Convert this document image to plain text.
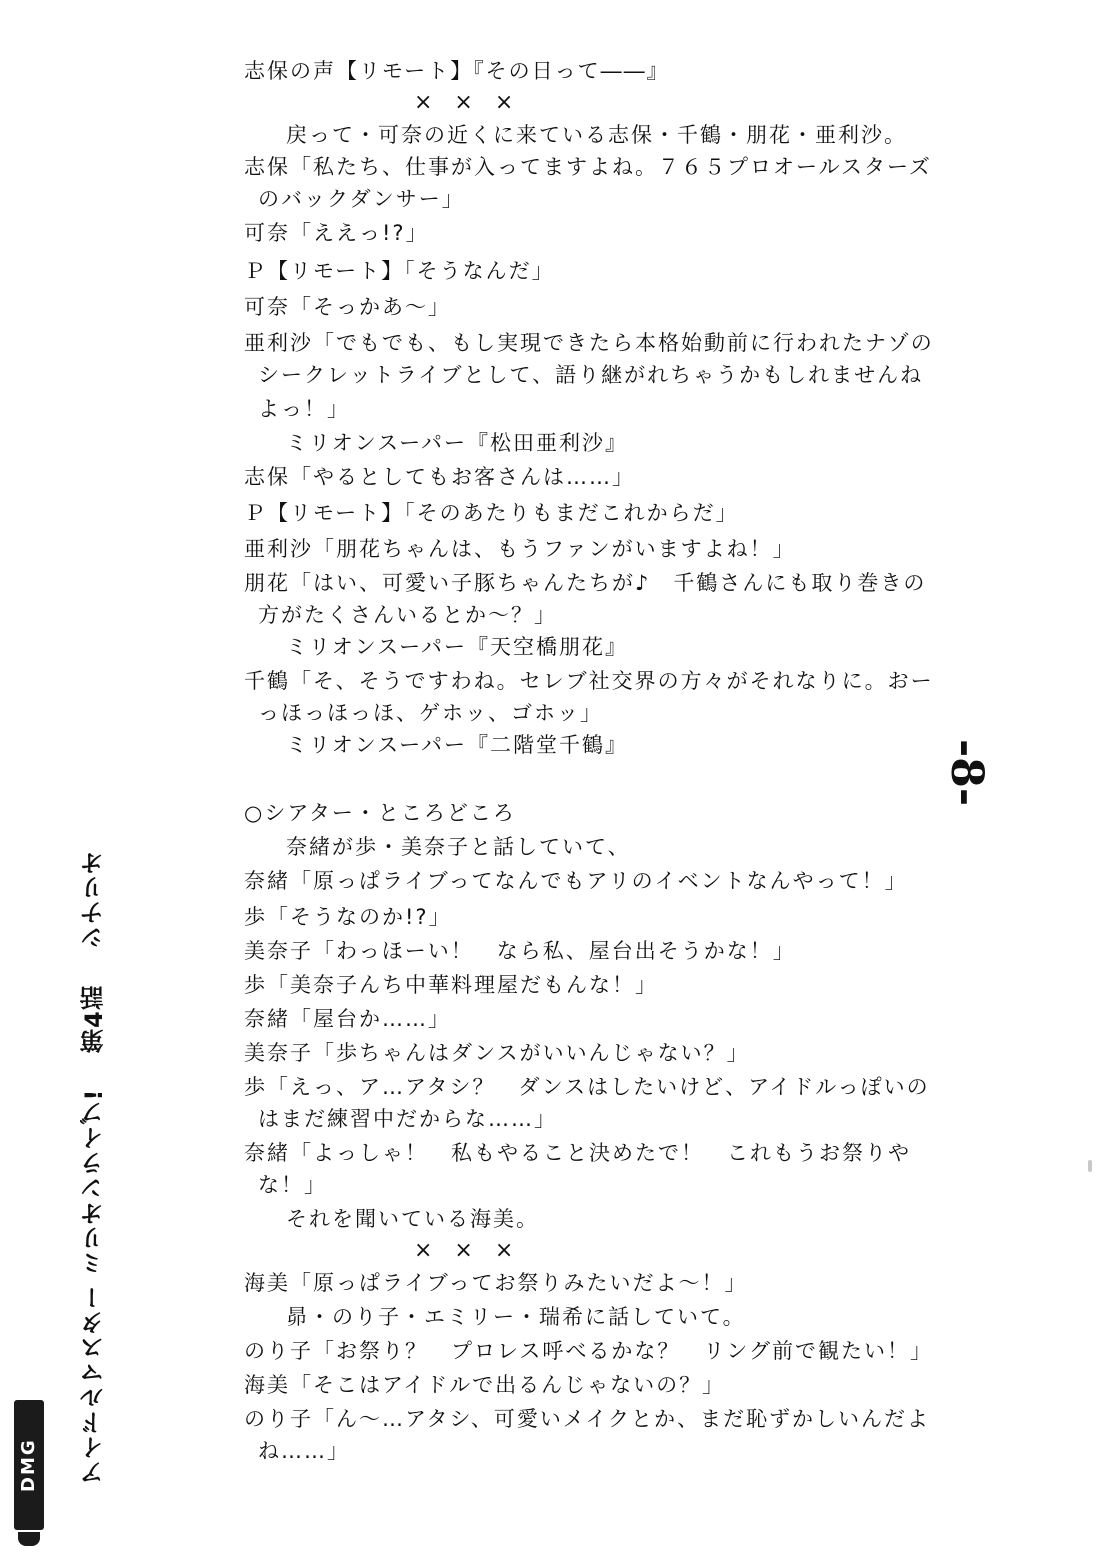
志保の声【リモート】『その日って――』
×　×　×
戻って・可奈の近くに来ている志保・千鶴・朋花・亜利沙。
志保「私たち、仕事が入ってますよね。７６５プロオールスターズ
のバックダンサー」
可奈「ええっ!?」
Ｐ【リモート】「そうなんだ」
可奈「そっかあ〜」
亜利沙「でもでも、もし実現できたら本格始動前に行われたナゾの
シークレットライブとして、語り継がれちゃうかもしれませんね
よっ！」
ミリオンスーパー『松田亜利沙』
志保「やるとしてもお客さんは……」
Ｐ【リモート】「そのあたりもまだこれからだ」
亜利沙「朋花ちゃんは、もうファンがいますよね！」
朋花「はい、可愛い子豚ちゃんたちが♪　千鶴さんにも取り巻きの
方がたくさんいるとか〜？」
ミリオンスーパー『天空橋朋花』
千鶴「そ、そうですわね。セレブ社交界の方々がそれなりに。おー
っほっほっほ、ゲホッ、ゴホッ」
ミリオンスーパー『二階堂千鶴』
○シアター・ところどころ
奈緒が歩・美奈子と話していて、
奈緒「原っぱライブってなんでもアリのイベントなんやって！」
歩「そうなのか!?」
美奈子「わっほーい！　なら私、屋台出そうかな！」
歩「美奈子んち中華料理屋だもんな！」
奈緒「屋台か……」
美奈子「歩ちゃんはダンスがいいんじゃない？」
歩「えっ、ア…アタシ？　ダンスはしたいけど、アイドルっぽいの
はまだ練習中だからな……」
奈緒「よっしゃ！　私もやること決めたで！　これもうお祭りや
な！」
それを聞いている海美。
×　×　×
海美「原っぱライブってお祭りみたいだよ〜！」
昴・のり子・エミリー・瑞希に話していて。
のり子「お祭り？　プロレス呼べるかな？　リング前で観たい！」
海美「そこはアイドルで出るんじゃないの？」
のり子「ん〜…アタシ、可愛いメイクとか、まだ恥ずかしいんだよ
ね……」
-8-
アイドルマスター ミリオンライブ! 第4話 シナリオ
DMG
